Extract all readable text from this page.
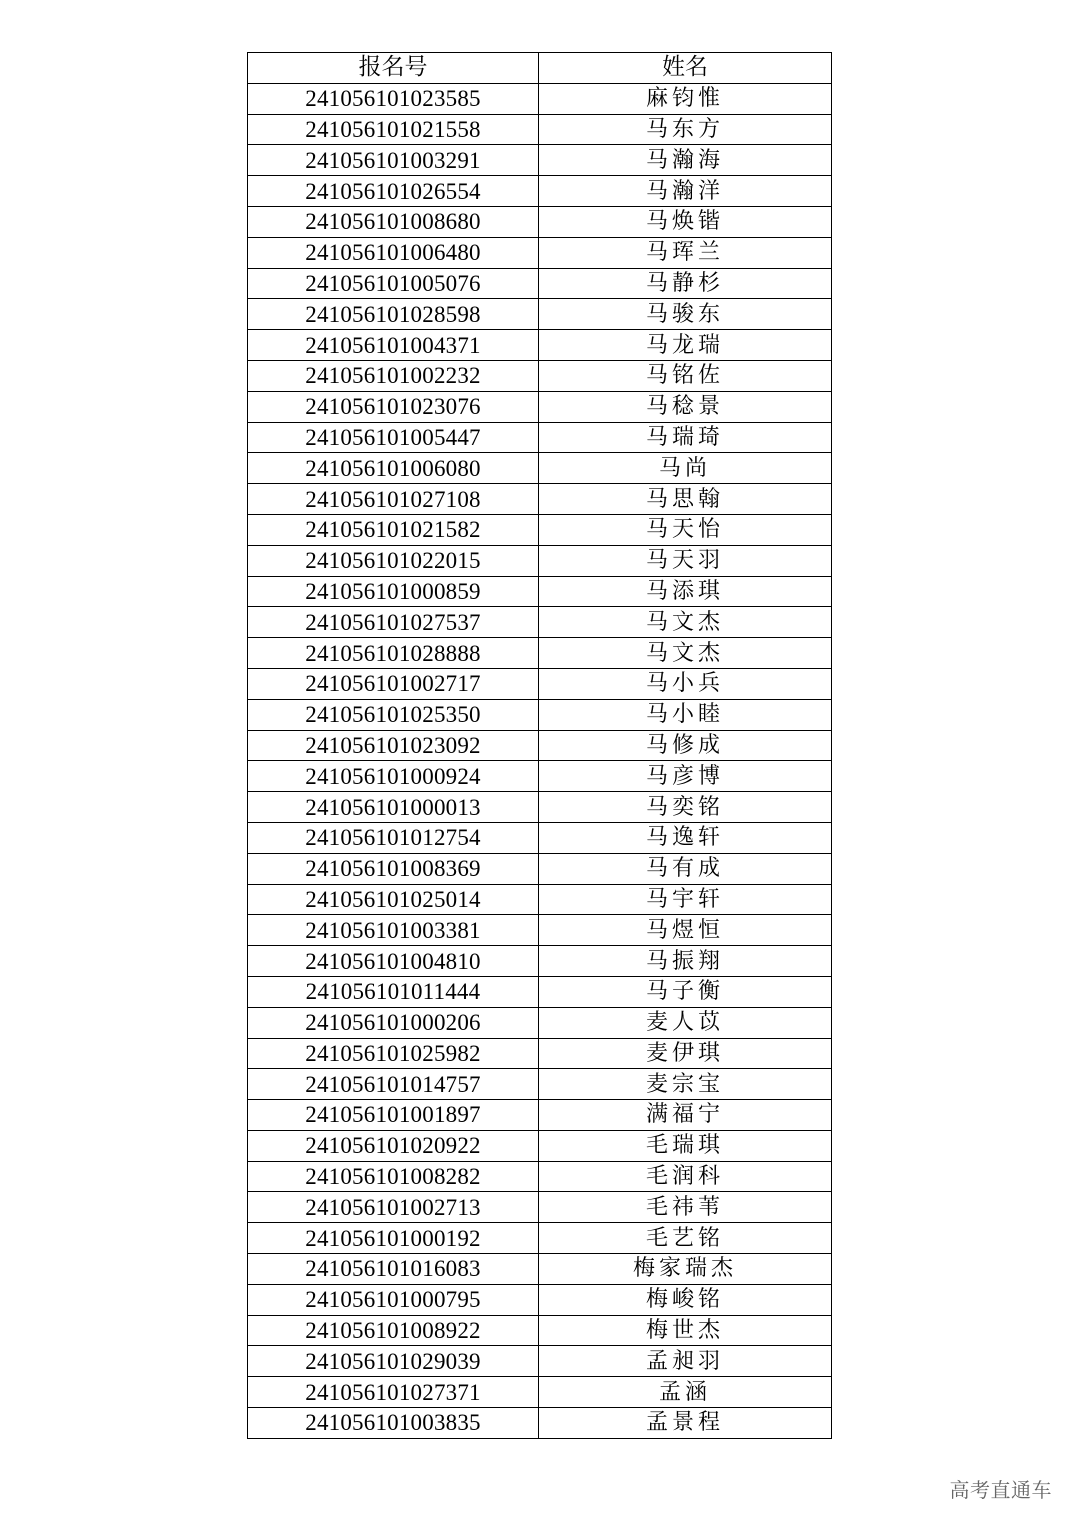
报名号	姓名
241056101023585	麻钧惟
241056101021558	马东方
241056101003291	马瀚海
241056101026554	马瀚洋
241056101008680	马焕锴
241056101006480	马珲兰
241056101005076	马静杉
241056101028598	马骏东
241056101004371	马龙瑞
241056101002232	马铭佐
241056101023076	马稔景
241056101005447	马瑞琦
241056101006080	马尚
241056101027108	马思翰
241056101021582	马天怡
241056101022015	马天羽
241056101000859	马添琪
241056101027537	马文杰
241056101028888	马文杰
241056101002717	马小兵
241056101025350	马小睦
241056101023092	马修成
241056101000924	马彦博
241056101000013	马奕铭
241056101012754	马逸轩
241056101008369	马有成
241056101025014	马宇轩
241056101003381	马煜恒
241056101004810	马振翔
241056101011444	马子衡
241056101000206	麦人苡
241056101025982	麦伊琪
241056101014757	麦宗宝
241056101001897	满福宁
241056101020922	毛瑞琪
241056101008282	毛润科
241056101002713	毛祎苇
241056101000192	毛艺铭
241056101016083	梅家瑞杰
241056101000795	梅峻铭
241056101008922	梅世杰
241056101029039	孟昶羽
241056101027371	孟涵
241056101003835	孟景程
高考直通车
